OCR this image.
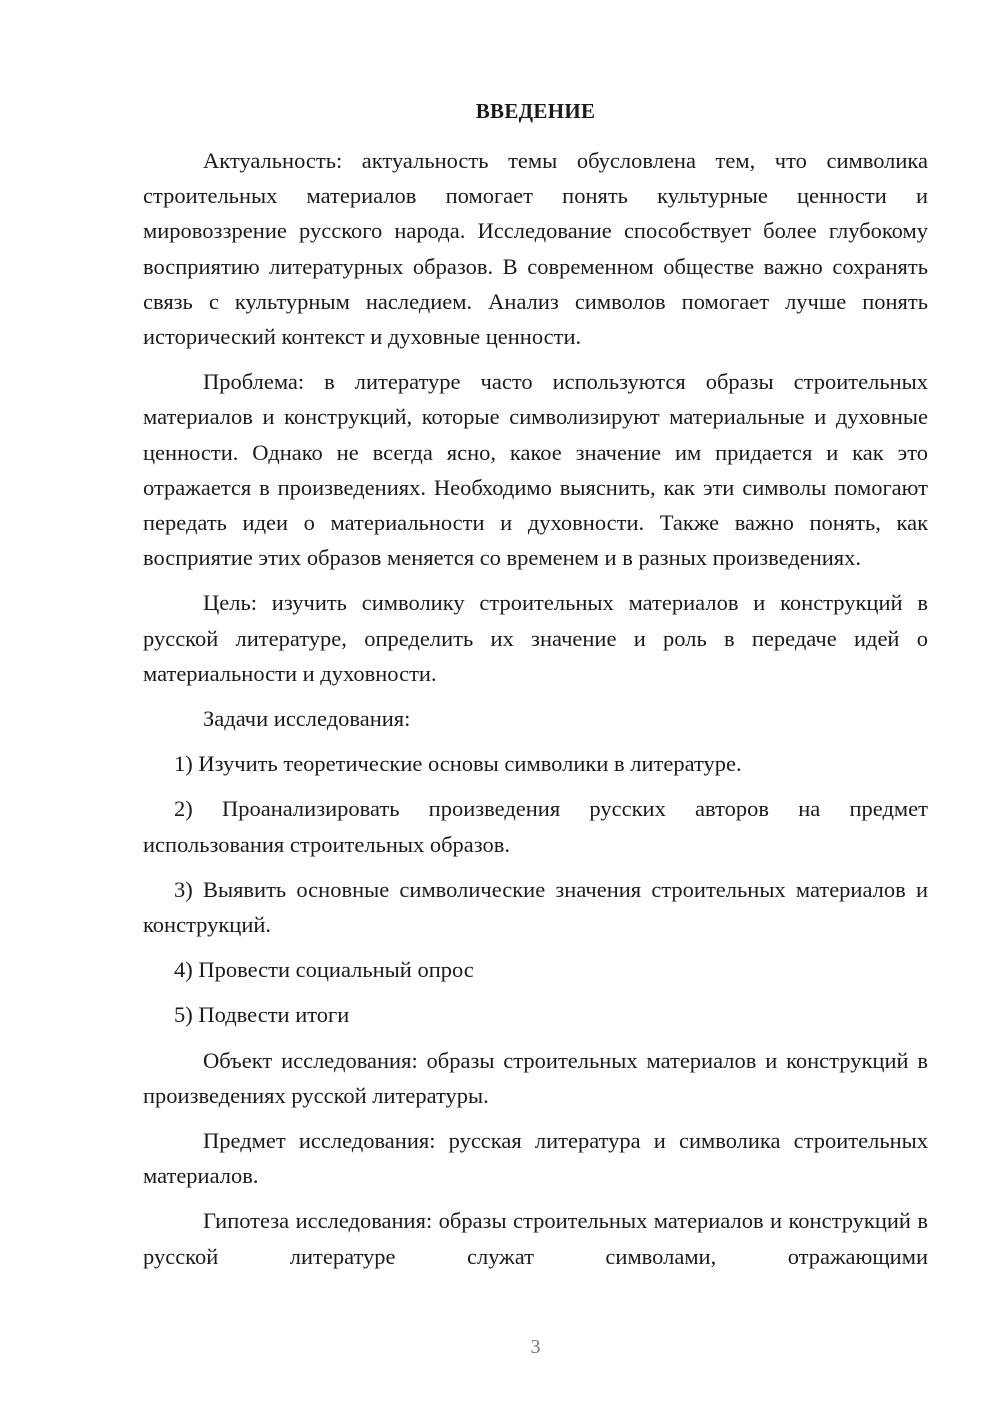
ВВЕДЕНИЕ

Актуальность: актуальность темы обусловлена тем, что символика строительных материалов помогает понять культурные ценности и мировоззрение русского народа. Исследование способствует более глубокому восприятию литературных образов. В современном обществе важно сохранять связь с культурным наследием. Анализ символов помогает лучше понять исторический контекст и духовные ценности.

Проблема: в литературе часто используются образы строительных материалов и конструкций, которые символизируют материальные и духовные ценности. Однако не всегда ясно, какое значение им придается и как это отражается в произведениях. Необходимо выяснить, как эти символы помогают передать идеи о материальности и духовности. Также важно понять, как восприятие этих образов меняется со временем и в разных произведениях.

Цель: изучить символику строительных материалов и конструкций в русской литературе, определить их значение и роль в передаче идей о материальности и духовности.

Задачи исследования:

1) Изучить теоретические основы символики в литературе.

2) Проанализировать произведения русских авторов на предмет использования строительных образов.

3) Выявить основные символические значения строительных материалов и конструкций.

4) Провести социальный опрос

5) Подвести итоги

Объект исследования: образы строительных материалов и конструкций в произведениях русской литературы.

Предмет исследования: русская литература и символика строительных материалов.

Гипотеза исследования: образы строительных материалов и конструкций в русской литературе служат символами, отражающими

3
